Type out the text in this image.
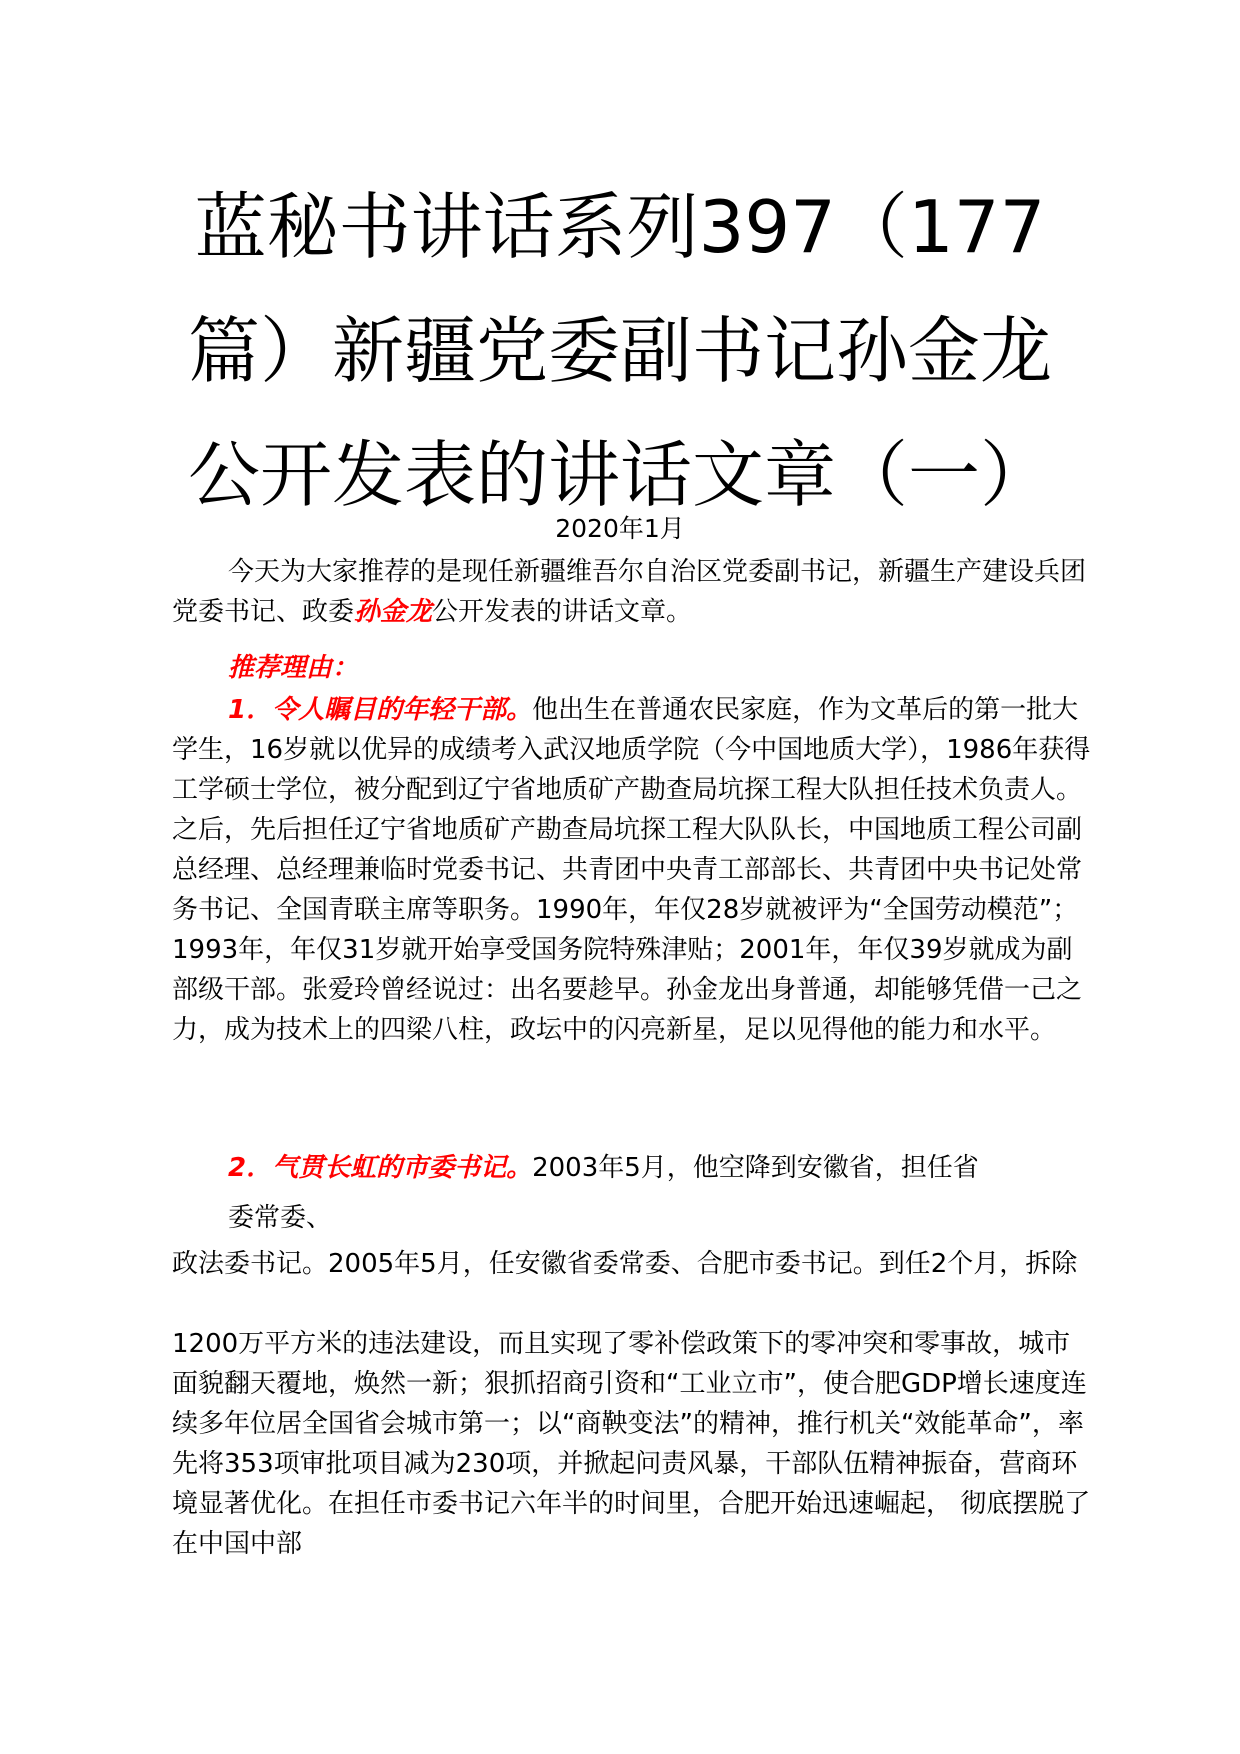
蓝秘书讲话系列397（177篇）新疆党委副书记孙金龙公开发表的讲话文章（一）
2020年1月

今天为大家推荐的是现任新疆维吾尔自治区党委副书记，新疆生产建设兵团党委书记、政委孙金龙公开发表的讲话文章。

推荐理由：

1．令人瞩目的年轻干部。他出生在普通农民家庭，作为文革后的第一批大学生，16岁就以优异的成绩考入武汉地质学院（今中国地质大学），1986年获得工学硕士学位，被分配到辽宁省地质矿产勘查局坑探工程大队担任技术负责人。之后，先后担任辽宁省地质矿产勘查局坑探工程大队队长，中国地质工程公司副总经理、总经理兼临时党委书记、共青团中央青工部部长、共青团中央书记处常务书记、全国青联主席等职务。1990年，年仅28岁就被评为“全国劳动模范”；1993年，年仅31岁就开始享受国务院特殊津贴；2001年，年仅39岁就成为副部级干部。张爱玲曾经说过：出名要趁早。孙金龙出身普通，却能够凭借一己之力，成为技术上的四梁八柱，政坛中的闪亮新星，足以见得他的能力和水平。

2．气贯长虹的市委书记。2003年5月，他空降到安徽省，担任省

委常委、

政法委书记。2005年5月，任安徽省委常委、合肥市委书记。到任2个月，拆除

1200万平方米的违法建设，而且实现了零补偿政策下的零冲突和零事故，城市面貌翻天覆地，焕然一新；狠抓招商引资和“工业立市”，使合肥GDP增长速度连续多年位居全国省会城市第一；以“商鞅变法”的精神，推行机关“效能革命”，率先将353项审批项目减为230项，并掀起问责风暴，干部队伍精神振奋，营商环境显著优化。在担任市委书记六年半的时间里，合肥开始迅速崛起， 彻底摆脱了在中国中部
